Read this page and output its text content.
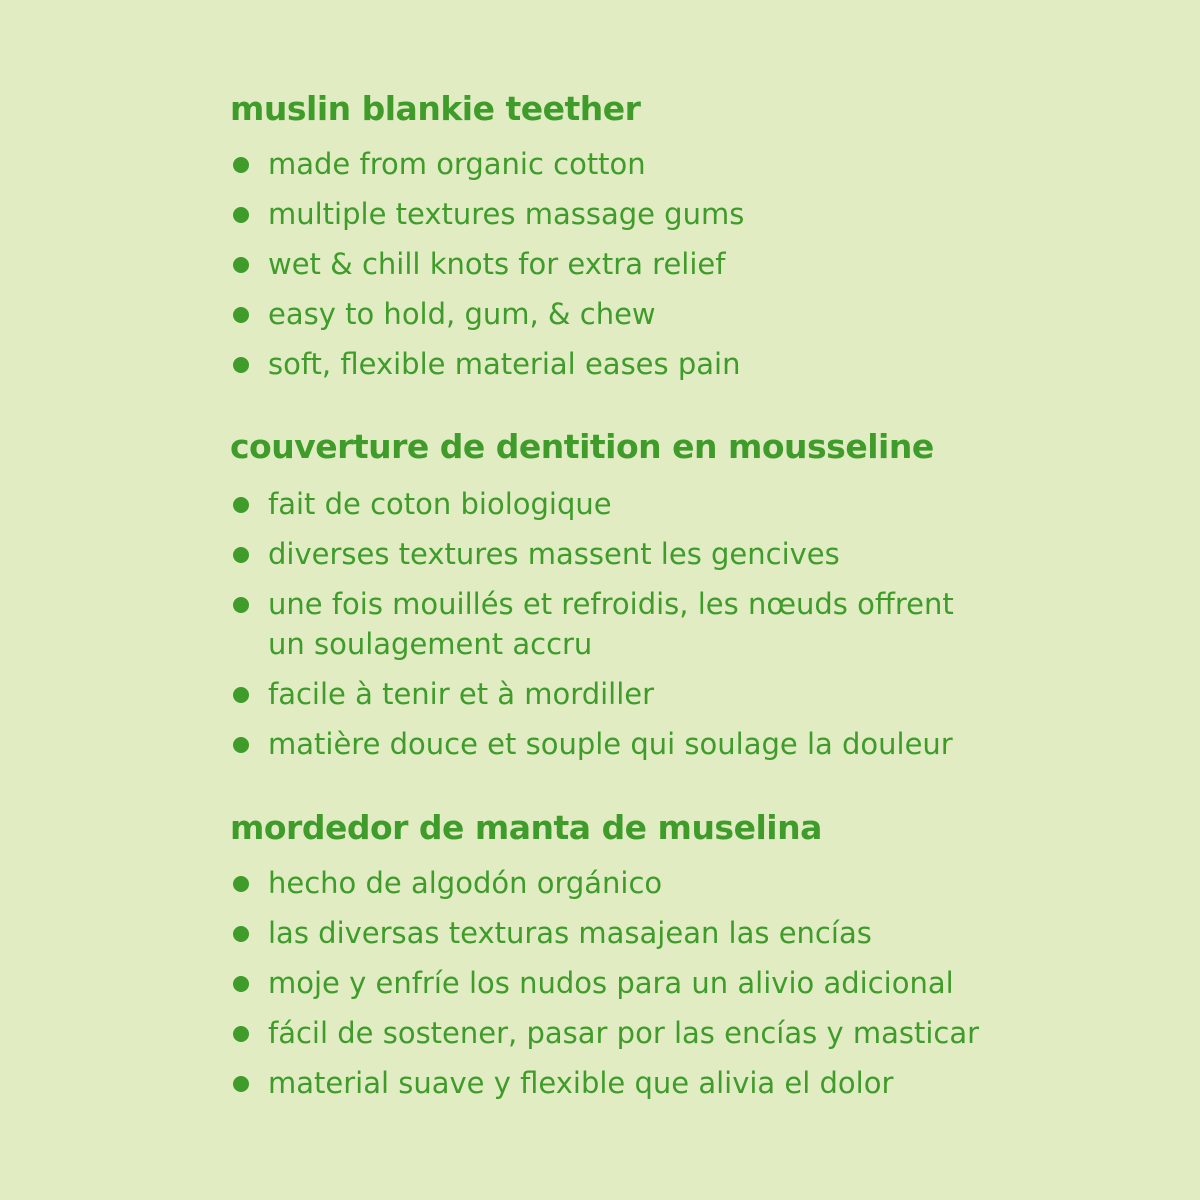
muslin blankie teether
made from organic cotton
multiple textures massage gums
wet & chill knots for extra relief
easy to hold, gum, & chew
soft, flexible material eases pain
couverture de dentition en mousseline
fait de coton biologique
diverses textures massent les gencives
une fois mouillés et refroidis, les nœuds offrent
un soulagement accru
facile à tenir et à mordiller
matière douce et souple qui soulage la douleur
mordedor de manta de muselina
hecho de algodón orgánico
las diversas texturas masajean las encías
moje y enfríe los nudos para un alivio adicional
fácil de sostener, pasar por las encías y masticar
material suave y flexible que alivia el dolor
